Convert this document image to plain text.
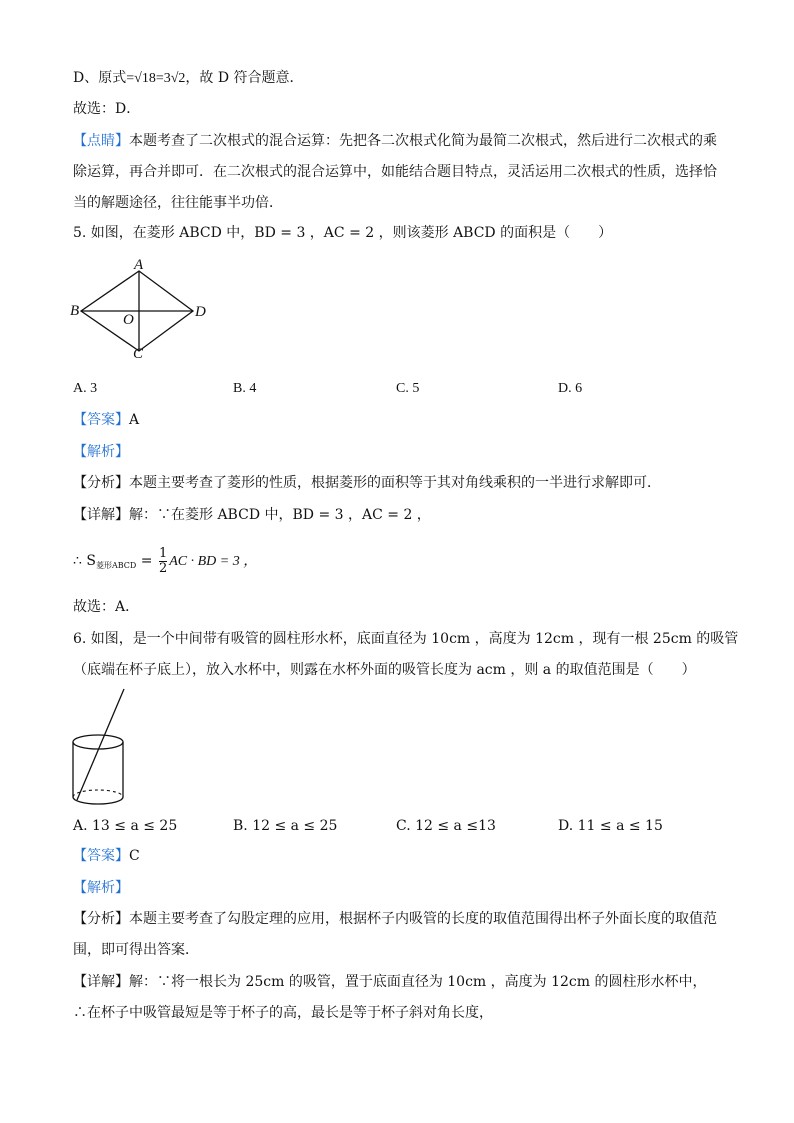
D、原式=√18=3√2，故 D 符合题意．
故选：D．
【点睛】本题考查了二次根式的混合运算：先把各二次根式化简为最简二次根式，然后进行二次根式的乘
除运算，再合并即可．在二次根式的混合运算中，如能结合题目特点，灵活运用二次根式的性质，选择恰
当的解题途径，往往能事半功倍．
5. 如图，在菱形 ABCD 中，BD = 3 ，AC = 2 ，则该菱形 ABCD 的面积是（　　）
A
B
C
D
O
A. 3	B. 4	C. 5	D. 6
【答案】A
【解析】
【分析】本题主要考查了菱形的性质，根据菱形的面积等于其对角线乘积的一半进行求解即可．
【详解】解：∵在菱形 ABCD 中，BD = 3 ，AC = 2 ，
∴ $S_{菱形ABCD} = \frac{1}{2}$ AC · BD = 3 ，
故选：A．
6. 如图，是一个中间带有吸管的圆柱形水杯，底面直径为 10cm ，高度为 12cm ，现有一根 25cm 的吸管
（底端在杯子底上），放入水杯中，则露在水杯外面的吸管长度为 acm ，则 a 的取值范围是（　　）
A. 13 ≤ a ≤ 25	B. 12 ≤ a ≤ 25	C. 12 ≤ a ≤13	D. 11 ≤ a ≤ 15
【答案】C
【解析】
【分析】本题主要考查了勾股定理的应用，根据杯子内吸管的长度的取值范围得出杯子外面长度的取值范
围，即可得出答案．
【详解】解：∵将一根长为 25cm 的吸管，置于底面直径为 10cm ，高度为 12cm 的圆柱形水杯中，
∴在杯子中吸管最短是等于杯子的高，最长是等于杯子斜对角长度，
